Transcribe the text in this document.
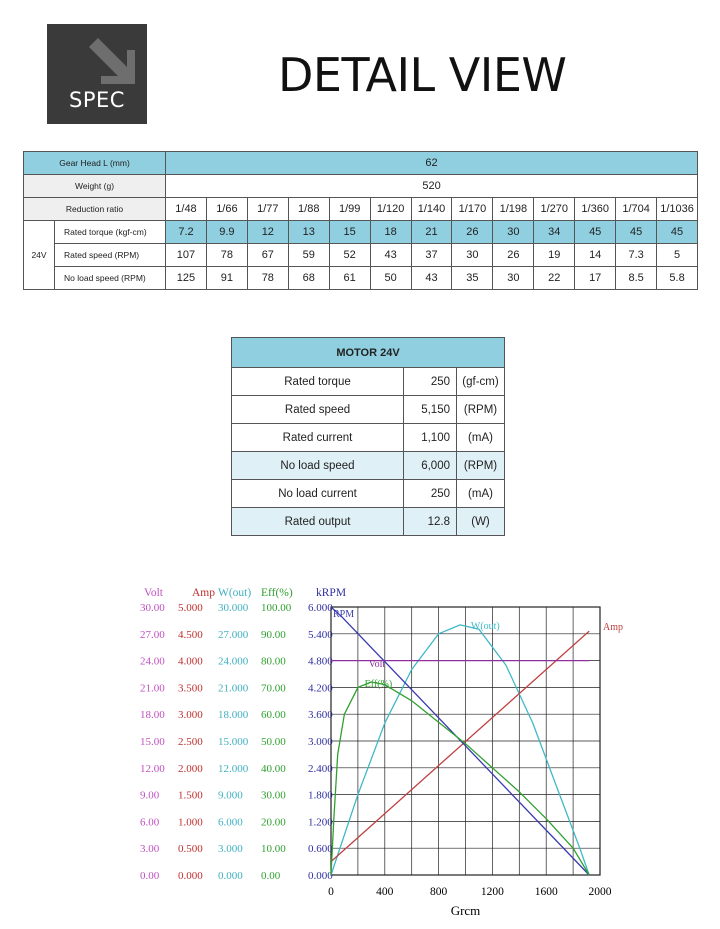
SPEC	DETAIL VIEW
Gear Head L (mm)		62												
Weight (g)		520												
Reduction ratio		1/48	1/66	1/77	1/88	1/99	1/120	1/140	1/170	1/198	1/270	1/360	1/704	1/1036
24V	Rated torque (kgf-cm)	7.2	9.9	12	13	15	18	21	26	30	34	45	45	45
	Rated speed (RPM)	107	78	67	59	52	43	37	30	26	19	14	7.3	5
	No load speed (RPM)	125	91	78	68	61	50	43	35	30	22	17	8.5	5.8
MOTOR 24V		
Rated torque	250	(gf-cm)
Rated speed	5,150	(RPM)
Rated current	1,100	(mA)
No load speed	6,000	(RPM)
No load current	250	(mA)
Rated output	12.8	(W)
Volt
0.00
3.00
6.00
9.00
12.00
15.00
18.00
21.00
24.00
27.00
30.00
Amp
0.000
0.500
1.000
1.500
2.000
2.500
3.000
3.500
4.000
4.500
5.000
W(out)
0.000
3.000
6.000
9.000
12.000
15.000
18.000
21.000
24.000
27.000
30.000
Eff(%)
0.00
10.00
20.00
30.00
40.00
50.00
60.00
70.00
80.00
90.00
100.00
kRPM
0.000
0.600
1.200
1.800
2.400
3.000
3.600
4.200
4.800
5.400
6.000
0	400	800	1200	1600	2000
Grcm
RPM
W(out)	Amp
Volt
Eff(%)
